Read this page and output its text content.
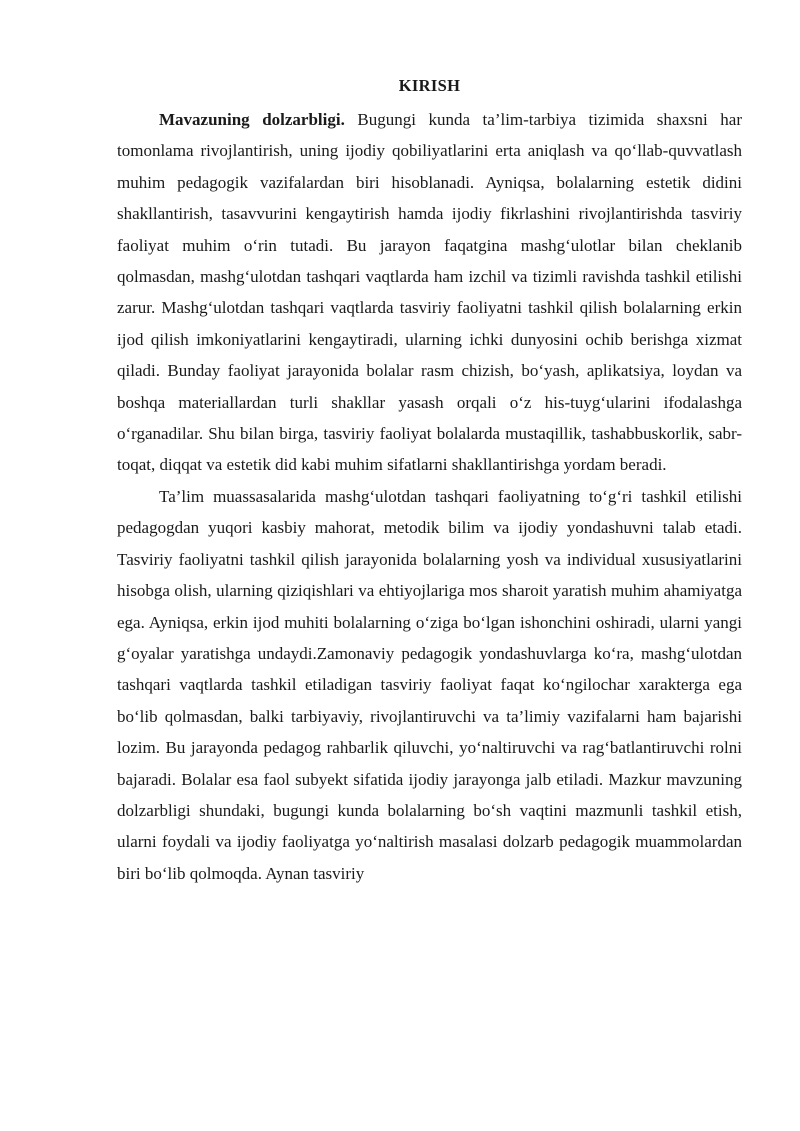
KIRISH

Mavazuning dolzarbligi. Bugungi kunda ta’lim-tarbiya tizimida shaxsni har tomonlama rivojlantirish, uning ijodiy qobiliyatlarini erta aniqlash va qo‘llab-quvvatlash muhim pedagogik vazifalardan biri hisoblanadi. Ayniqsa, bolalarning estetik didini shakllantirish, tasavvurini kengaytirish hamda ijodiy fikrlashini rivojlantirishda tasviriy faoliyat muhim o‘rin tutadi. Bu jarayon faqatgina mashg‘ulotlar bilan cheklanib qolmasdan, mashg‘ulotdan tashqari vaqtlarda ham izchil va tizimli ravishda tashkil etilishi zarur. Mashg‘ulotdan tashqari vaqtlarda tasviriy faoliyatni tashkil qilish bolalarning erkin ijod qilish imkoniyatlarini kengaytiradi, ularning ichki dunyosini ochib berishga xizmat qiladi. Bunday faoliyat jarayonida bolalar rasm chizish, bo‘yash, aplikatsiya, loydan va boshqa materiallardan turli shakllar yasash orqali o‘z his-tuyg‘ularini ifodalashga o‘rganadilar. Shu bilan birga, tasviriy faoliyat bolalarda mustaqillik, tashabbuskorlik, sabr-toqat, diqqat va estetik did kabi muhim sifatlarni shakllantirishga yordam beradi.

Ta’lim muassasalarida mashg‘ulotdan tashqari faoliyatning to‘g‘ri tashkil etilishi pedagogdan yuqori kasbiy mahorat, metodik bilim va ijodiy yondashuvni talab etadi. Tasviriy faoliyatni tashkil qilish jarayonida bolalarning yosh va individual xususiyatlarini hisobga olish, ularning qiziqishlari va ehtiyojlariga mos sharoit yaratish muhim ahamiyatga ega. Ayniqsa, erkin ijod muhiti bolalarning o‘ziga bo‘lgan ishonchini oshiradi, ularni yangi g‘oyalar yaratishga undaydi.Zamonaviy pedagogik yondashuvlarga ko‘ra, mashg‘ulotdan tashqari vaqtlarda tashkil etiladigan tasviriy faoliyat faqat ko‘ngilochar xarakterga ega bo‘lib qolmasdan, balki tarbiyaviy, rivojlantiruvchi va ta’limiy vazifalarni ham bajarishi lozim. Bu jarayonda pedagog rahbarlik qiluvchi, yo‘naltiruvchi va rag‘batlantiruvchi rolni bajaradi. Bolalar esa faol subyekt sifatida ijodiy jarayonga jalb etiladi. Mazkur mavzuning dolzarbligi shundaki, bugungi kunda bolalarning bo‘sh vaqtini mazmunli tashkil etish, ularni foydali va ijodiy faoliyatga yo‘naltirish masalasi dolzarb pedagogik muammolardan biri bo‘lib qolmoqda. Aynan tasviriy
